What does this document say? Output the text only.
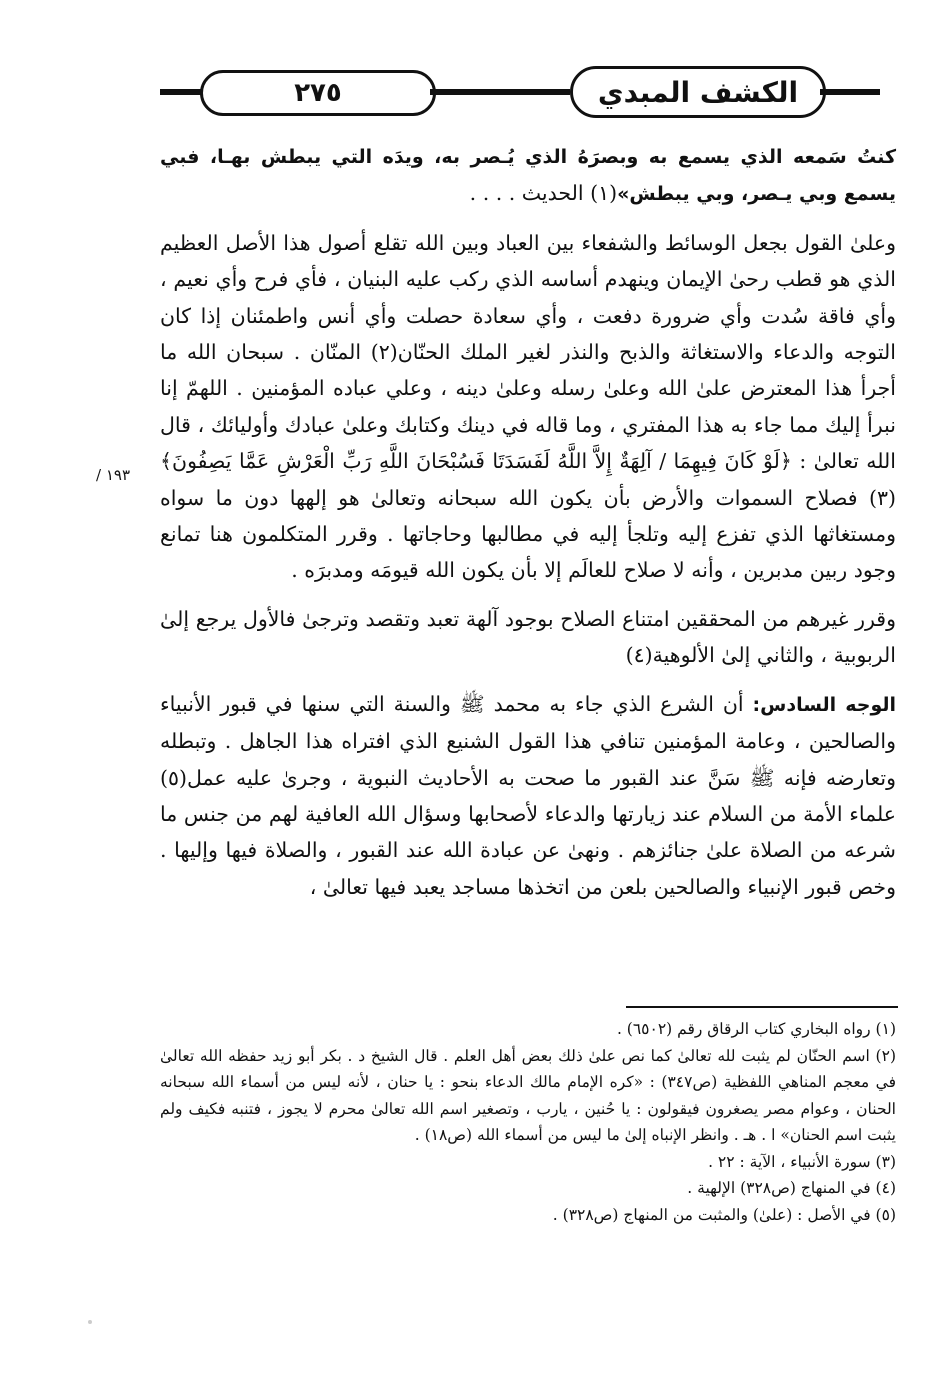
٢٧٥	الكشف المبدي
١٩٣ /

كنتُ سَمعه الذي يسمع به وبصرَهُ الذي يُـصر به، ويدَه التي يبطش بهـا، فبي يسمع وبي يـصر، وبي يبطش»(١) الحديث . . . .

وعلىٰ القول بجعل الوسائط والشفعاء بين العباد وبين الله تقلع أصول هذا الأصل العظيم الذي هو قطب رحىٰ الإيمان وينهدم أساسه الذي ركب عليه البنيان ، فأي فرح وأي نعيم ، وأي فاقة سُدت وأي ضرورة دفعت ، وأي سعادة حصلت وأي أنس واطمئنان إذا كان التوجه والدعاء والاستغاثة والذبح والنذر لغير الملك الحنّان(٢) المنّان . سبحان الله ما أجرأ هذا المعترض علىٰ الله وعلىٰ رسله وعلىٰ دينه ، وعلي عباده المؤمنين . اللهمّ إنا نبرأ إليك مما جاء به هذا المفتري ، وما قاله في دينك وكتابك وعلىٰ عبادك وأوليائك ، قال الله تعالىٰ : ﴿لَوْ كَانَ فِيهِمَا / آلِهَةٌ إِلاَّ اللَّهُ لَفَسَدَتَا فَسُبْحَانَ اللَّهِ رَبِّ الْعَرْشِ عَمَّا يَصِفُونَ﴾(٣) فصلاح السموات والأرض بأن يكون الله سبحانه وتعالىٰ هو إلهها دون ما سواه ومستغاثها الذي تفزع إليه وتلجأ إليه في مطالبها وحاجاتها . وقرر المتكلمون هنا تمانع وجود ربين مدبرين ، وأنه لا صلاح للعالَم إلا بأن يكون الله قيومَه ومدبرَه .

وقرر غيرهم من المحققين امتناع الصلاح بوجود آلهة تعبد وتقصد وترجىٰ فالأول يرجع إلىٰ الربوبية ، والثاني إلىٰ الألوهية(٤)

الوجه السادس: أن الشرع الذي جاء به محمد ﷺ والسنة التي سنها في قبور الأنبياء والصالحين ، وعامة المؤمنين تنافي هذا القول الشنيع الذي افتراه هذا الجاهل . وتبطله وتعارضه فإنه ﷺ سَنَّ عند القبور ما صحت به الأحاديث النبوية ، وجرىٰ عليه عمل(٥) علماء الأمة من السلام عند زيارتها والدعاء لأصحابها وسؤال الله العافية لهم من جنس ما شرعه من الصلاة علىٰ جنائزهم . ونهىٰ عن عبادة الله عند القبور ، والصلاة فيها وإليها . وخص قبور الإنبياء والصالحين بلعن من اتخذها مساجد يعبد فيها تعالىٰ ،

(١) رواه البخاري كتاب الرقاق رقم (٦٥٠٢) .

(٢) اسم الحنّان لم يثبت لله تعالىٰ كما نص علىٰ ذلك بعض أهل العلم . قال الشيخ د . بكر أبو زيد حفظه الله تعالىٰ في معجم المناهي اللفظية (ص٣٤٧) : «كره الإمام مالك الدعاء بنحو : يا حنان ، لأنه ليس من أسماء الله سبحانه الحنان ، وعوام مصر يصغرون فيقولون : يا حُنين ، يارب ، وتصغير اسم الله تعالىٰ محرم لا يجوز ، فتنبه فكيف ولم يثبت اسم الحنان» ا . هـ . وانظر الإنباه إلىٰ ما ليس من أسماء الله (ص١٨) .

(٣) سورة الأنبياء ، الآية : ٢٢ .

(٤) في المنهاج (ص٣٢٨) الإلهية .

(٥) في الأصل : (علىٰ) والمثبت من المنهاج (ص٣٢٨) .
